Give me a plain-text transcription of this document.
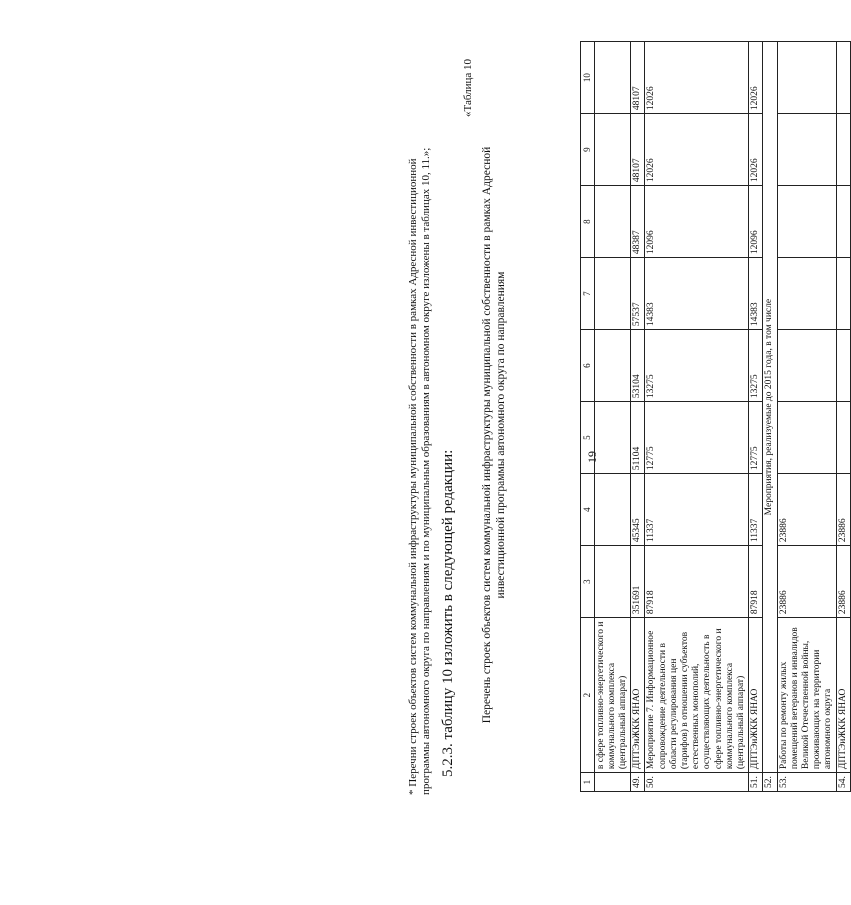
19
1	2	3	4	5	6	7	8	9	10
	в сфере топливно-энергетического и коммунального комплекса (центральный аппарат)								
49.	ДПТЭиЖКК ЯНАО	351691	45345	51104	53104	57537	48387	48107	48107
50.	Мероприятие 7. Информационное сопровождение деятельности в области регулирования цен (тарифов) в отношении субъектов естественных монополий, осуществляющих деятельность в сфере топливно-энергетического и коммунального комплекса (центральный аппарат)	87918	11337	12775	13275	14383	12096	12026	12026
51.	ДПТЭиЖКК ЯНАО	87918	11337	12775	13275	14383	12096	12026	12026
52.	Мероприятия, реализуемые до 2015 года, в том числе								
53.	Работы по ремонту жилых помещений ветеранов и инвалидов Великой Отечественной войны, проживающих на территории автономного округа	23886	23886						
54.	ДПТЭиЖКК ЯНАО	23886	23886						
* Перечни строек объектов систем коммунальной инфраструктуры муниципальной собственности в рамках Адресной инвестиционной программы автономного округа по направлениям и по муниципальным образованиям в автономном округе изложены в таблицах 10, 11.»; 5.2.3. таблицу 10 изложить в следующей редакции:
«Таблица 10
Перечень строек объектов систем коммунальной инфраструктуры муниципальной собственности в рамках Адресной инвестиционной программы автономного округа по направлениям
